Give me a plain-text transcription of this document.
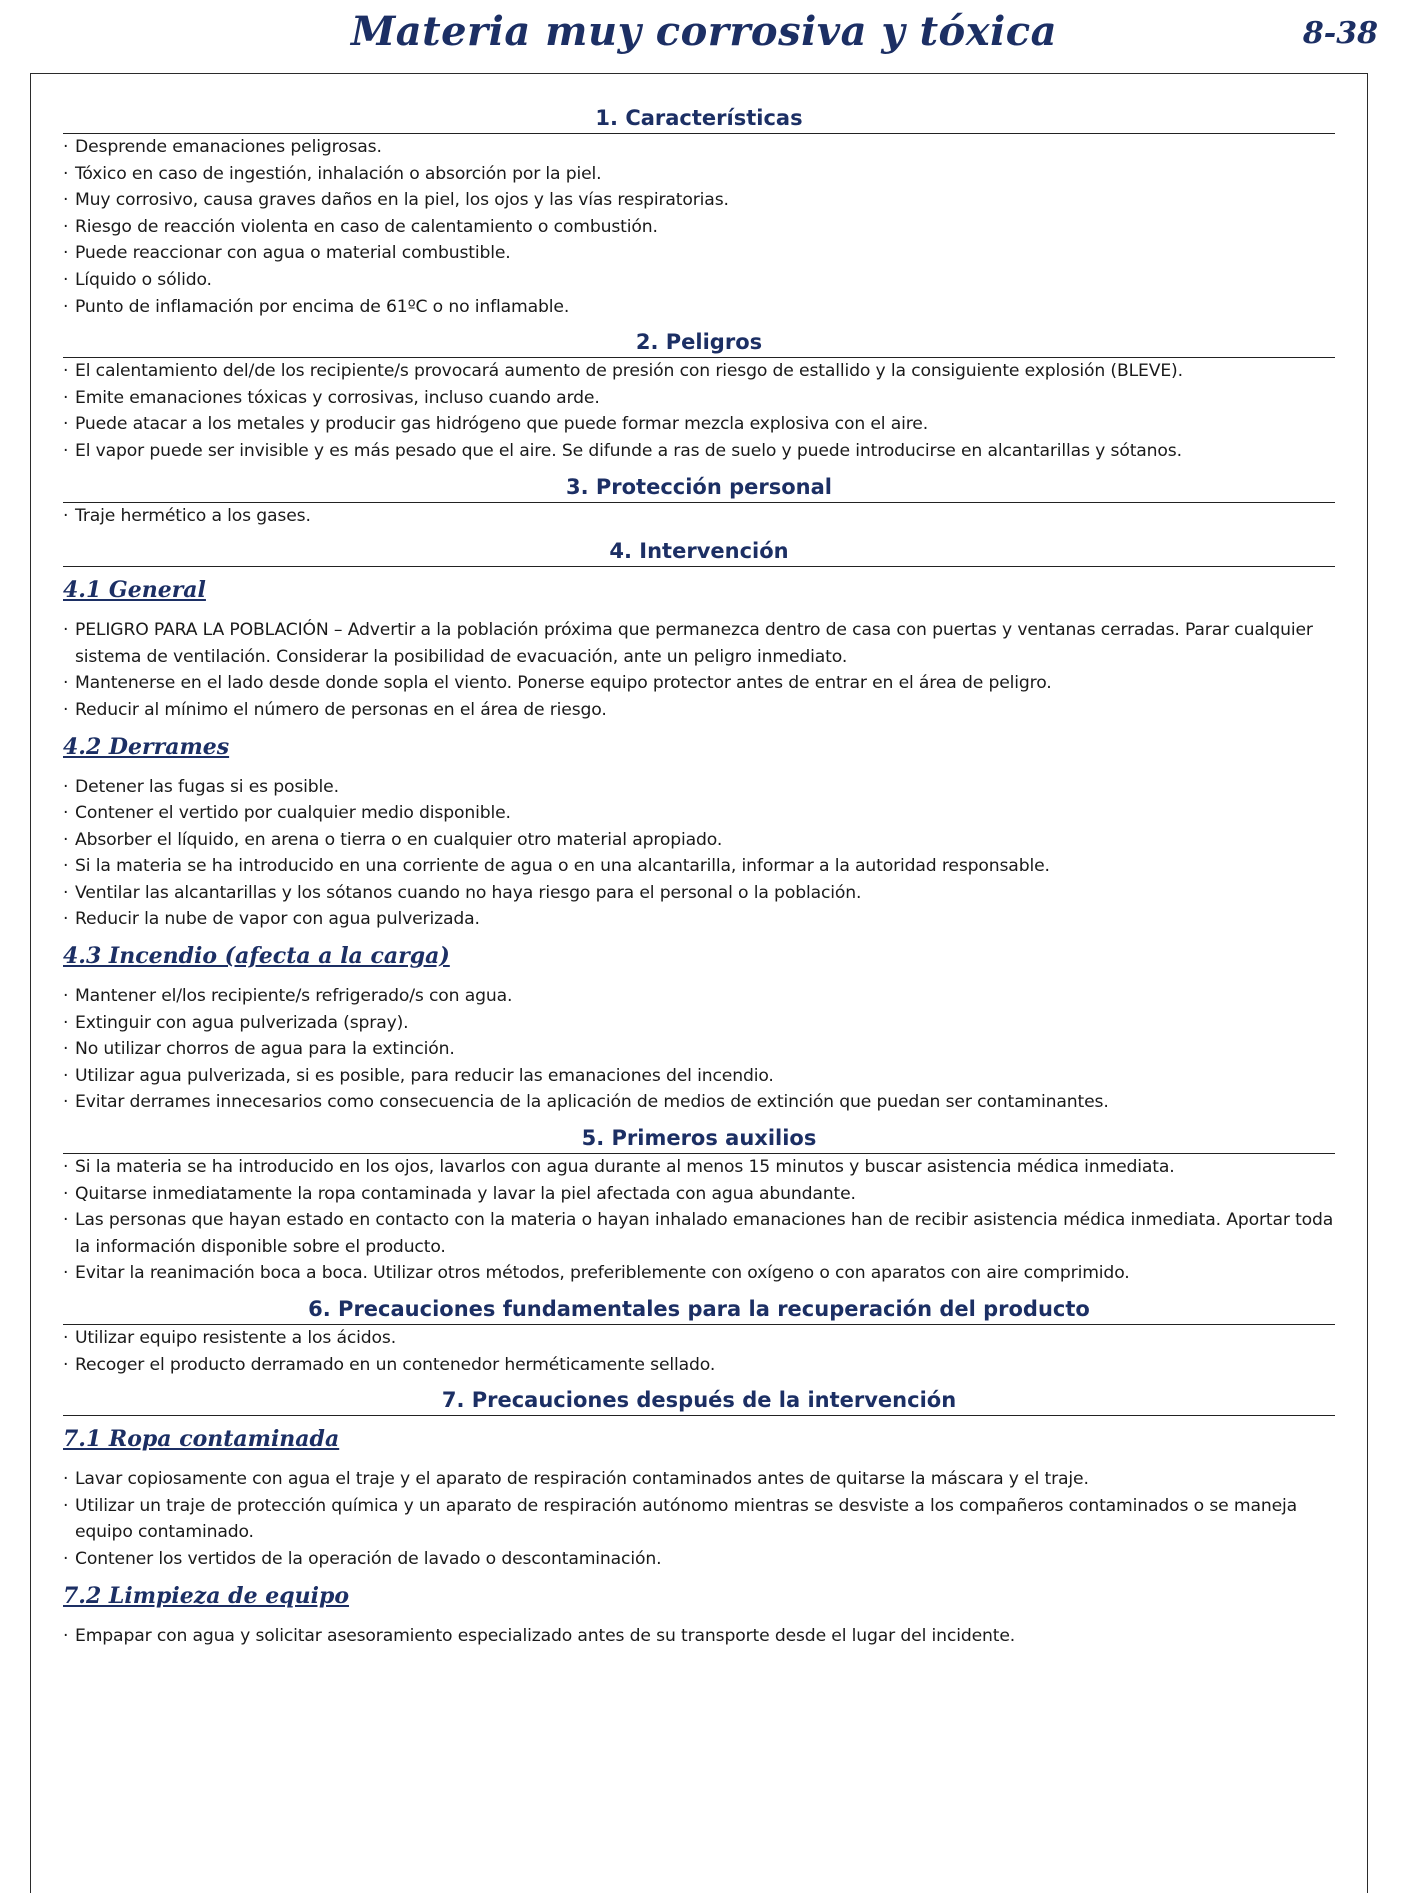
Materia muy corrosiva y tóxica	8-38
1. Características
· Desprende emanaciones peligrosas.
· Tóxico en caso de ingestión, inhalación o absorción por la piel.
· Muy corrosivo, causa graves daños en la piel, los ojos y las vías respiratorias.
· Riesgo de reacción violenta en caso de calentamiento o combustión.
· Puede reaccionar con agua o material combustible.
· Líquido o sólido.
· Punto de inflamación por encima de 61ºC o no inflamable.
2. Peligros
· El calentamiento del/de los recipiente/s provocará aumento de presión con riesgo de estallido y la consiguiente explosión (BLEVE).
· Emite emanaciones tóxicas y corrosivas, incluso cuando arde.
· Puede atacar a los metales y producir gas hidrógeno que puede formar mezcla explosiva con el aire.
· El vapor puede ser invisible y es más pesado que el aire. Se difunde a ras de suelo y puede introducirse en alcantarillas y sótanos.
3. Protección personal
· Traje hermético a los gases.
4. Intervención
4.1 General
· PELIGRO PARA LA POBLACIÓN – Advertir a la población próxima que permanezca dentro de casa con puertas y ventanas cerradas. Parar cualquier sistema de ventilación. Considerar la posibilidad de evacuación, ante un peligro inmediato.
· Mantenerse en el lado desde donde sopla el viento. Ponerse equipo protector antes de entrar en el área de peligro.
· Reducir al mínimo el número de personas en el área de riesgo.
4.2 Derrames
· Detener las fugas si es posible.
· Contener el vertido por cualquier medio disponible.
· Absorber el líquido, en arena o tierra o en cualquier otro material apropiado.
· Si la materia se ha introducido en una corriente de agua o en una alcantarilla, informar a la autoridad responsable.
· Ventilar las alcantarillas y los sótanos cuando no haya riesgo para el personal o la población.
· Reducir la nube de vapor con agua pulverizada.
4.3 Incendio (afecta a la carga)
· Mantener el/los recipiente/s refrigerado/s con agua.
· Extinguir con agua pulverizada (spray).
· No utilizar chorros de agua para la extinción.
· Utilizar agua pulverizada, si es posible, para reducir las emanaciones del incendio.
· Evitar derrames innecesarios como consecuencia de la aplicación de medios de extinción que puedan ser contaminantes.
5. Primeros auxilios
· Si la materia se ha introducido en los ojos, lavarlos con agua durante al menos 15 minutos y buscar asistencia médica inmediata.
· Quitarse inmediatamente la ropa contaminada y lavar la piel afectada con agua abundante.
· Las personas que hayan estado en contacto con la materia o hayan inhalado emanaciones han de recibir asistencia médica inmediata. Aportar toda la información disponible sobre el producto.
· Evitar la reanimación boca a boca. Utilizar otros métodos, preferiblemente con oxígeno o con aparatos con aire comprimido.
6. Precauciones fundamentales para la recuperación del producto
· Utilizar equipo resistente a los ácidos.
· Recoger el producto derramado en un contenedor herméticamente sellado.
7. Precauciones después de la intervención
7.1 Ropa contaminada
· Lavar copiosamente con agua el traje y el aparato de respiración contaminados antes de quitarse la máscara y el traje.
· Utilizar un traje de protección química y un aparato de respiración autónomo mientras se desviste a los compañeros contaminados o se maneja equipo contaminado.
· Contener los vertidos de la operación de lavado o descontaminación.
7.2 Limpieza de equipo
· Empapar con agua y solicitar asesoramiento especializado antes de su transporte desde el lugar del incidente.
